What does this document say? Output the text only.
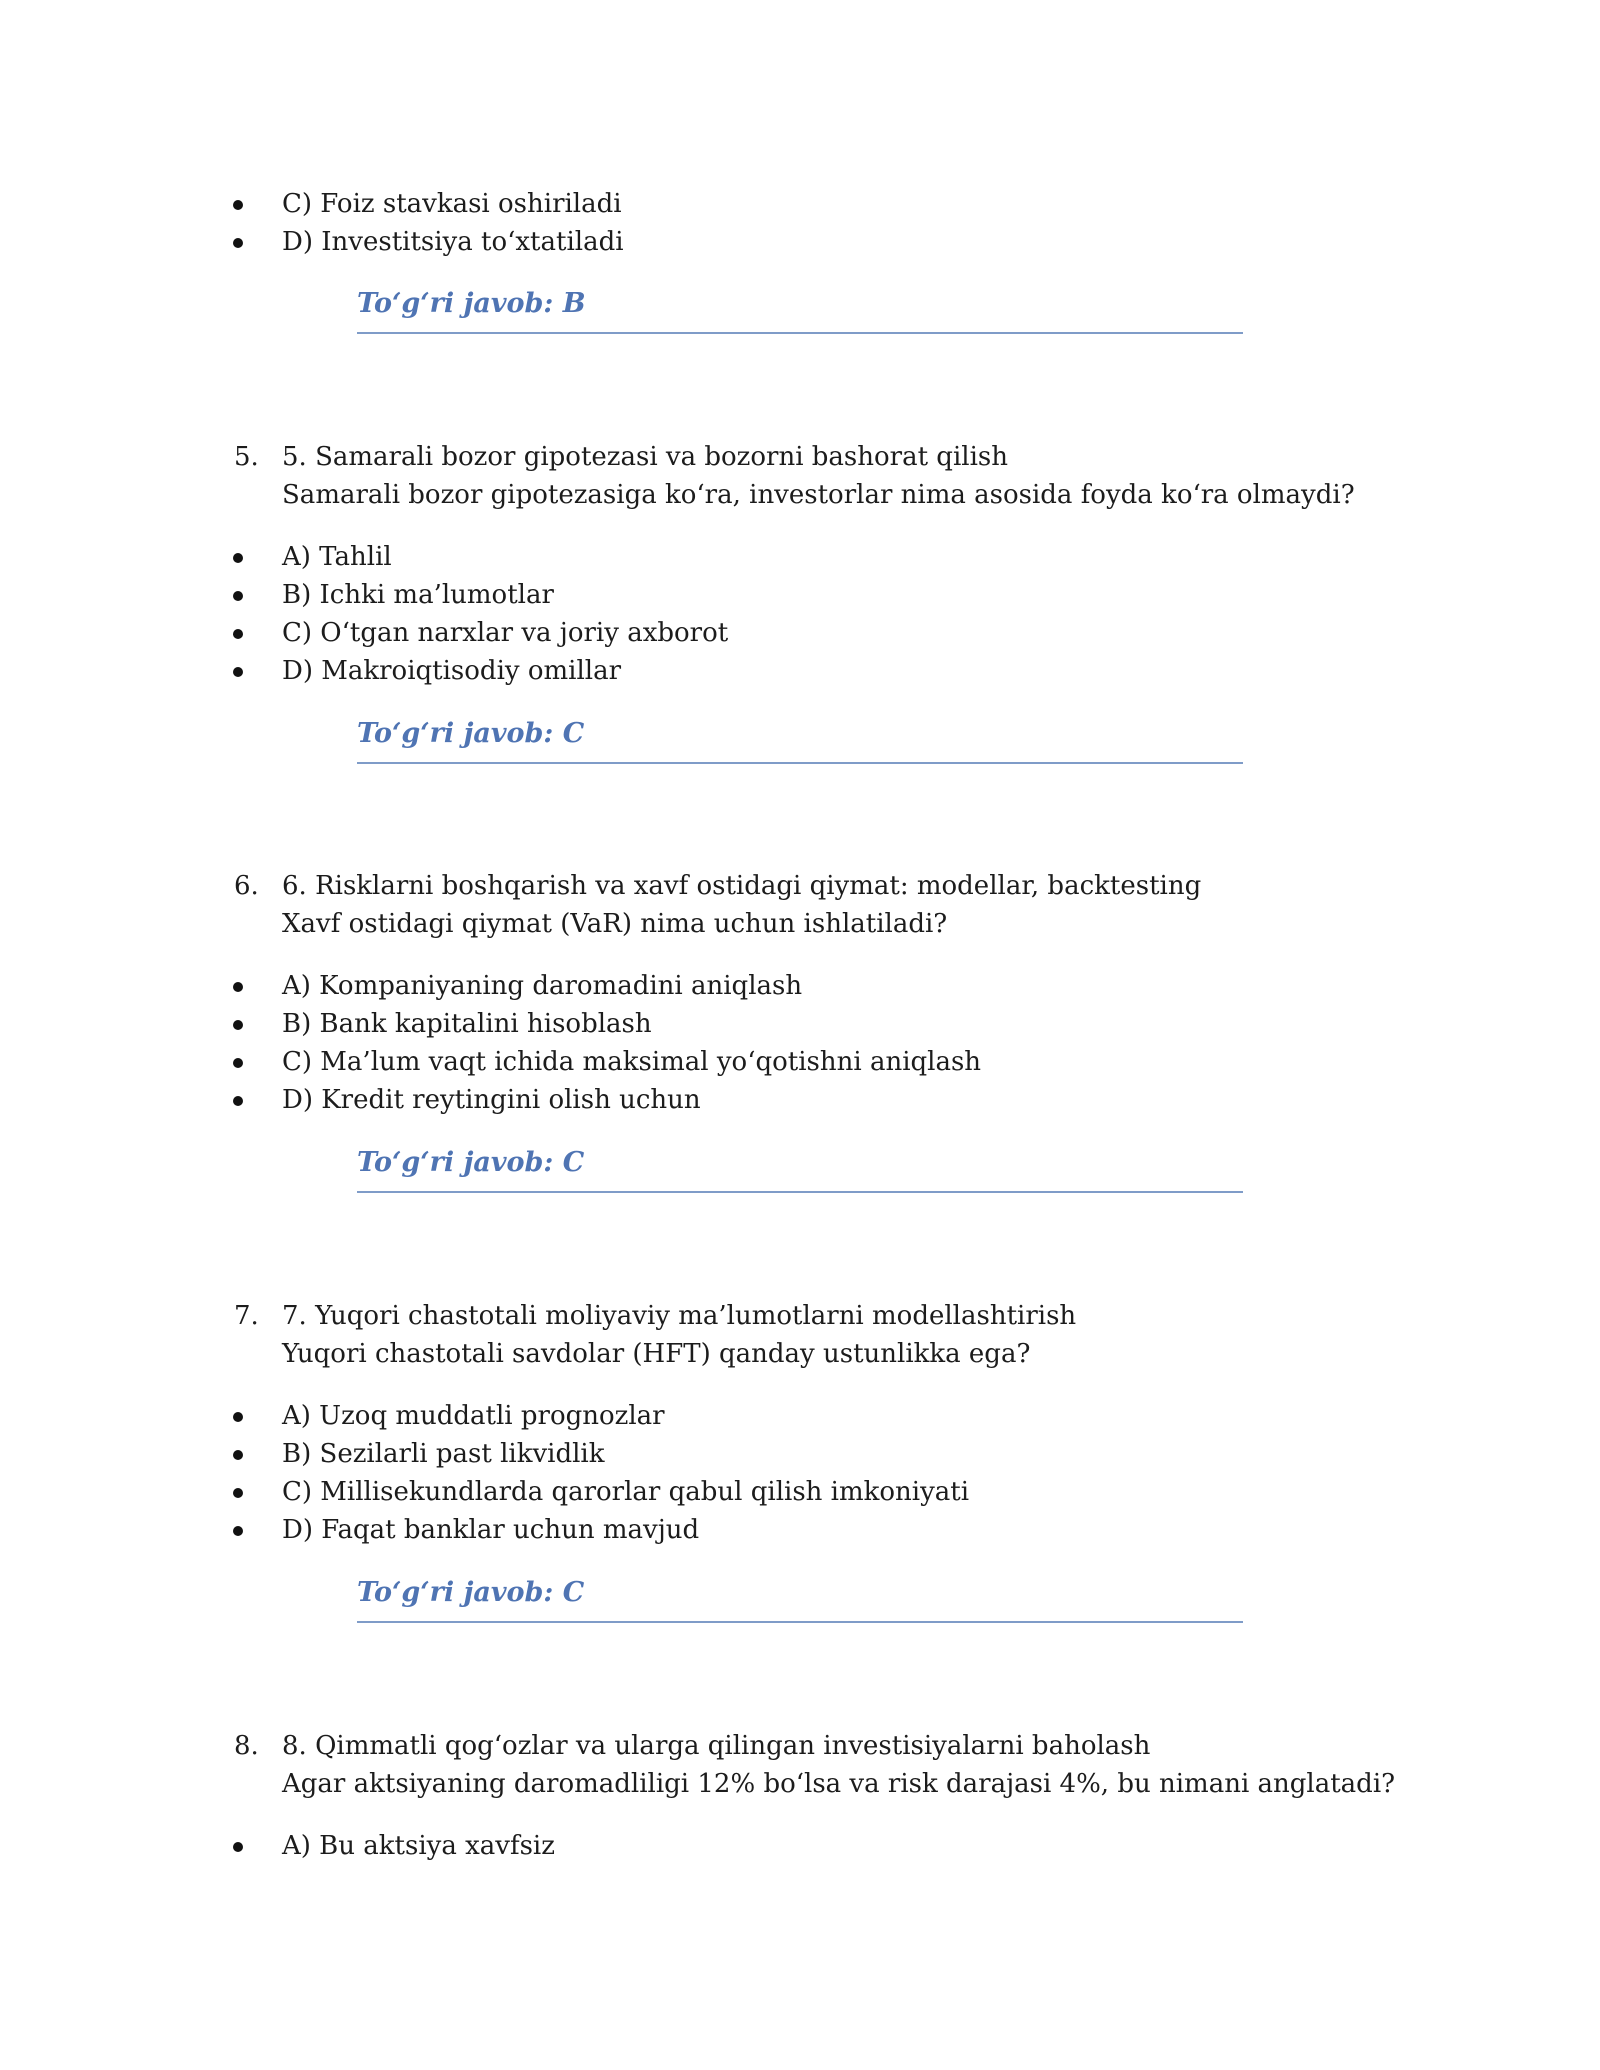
C) Foiz stavkasi oshiriladi
D) Investitsiya to‘xtatiladi
To‘g‘ri javob: B
5. 5. Samarali bozor gipotezasi va bozorni bashorat qilish
Samarali bozor gipotezasiga ko‘ra, investorlar nima asosida foyda ko‘ra olmaydi?
A) Tahlil
B) Ichki ma’lumotlar
C) O‘tgan narxlar va joriy axborot
D) Makroiqtisodiy omillar
To‘g‘ri javob: C
6. 6. Risklarni boshqarish va xavf ostidagi qiymat: modellar, backtesting
Xavf ostidagi qiymat (VaR) nima uchun ishlatiladi?
A) Kompaniyaning daromadini aniqlash
B) Bank kapitalini hisoblash
C) Ma’lum vaqt ichida maksimal yo‘qotishni aniqlash
D) Kredit reytingini olish uchun
To‘g‘ri javob: C
7. 7. Yuqori chastotali moliyaviy ma’lumotlarni modellashtirish
Yuqori chastotali savdolar (HFT) qanday ustunlikka ega?
A) Uzoq muddatli prognozlar
B) Sezilarli past likvidlik
C) Millisekundlarda qarorlar qabul qilish imkoniyati
D) Faqat banklar uchun mavjud
To‘g‘ri javob: C
8. 8. Qimmatli qog‘ozlar va ularga qilingan investisiyalarni baholash
Agar aktsiyaning daromadliligi 12% bo‘lsa va risk darajasi 4%, bu nimani anglatadi?
A) Bu aktsiya xavfsiz
